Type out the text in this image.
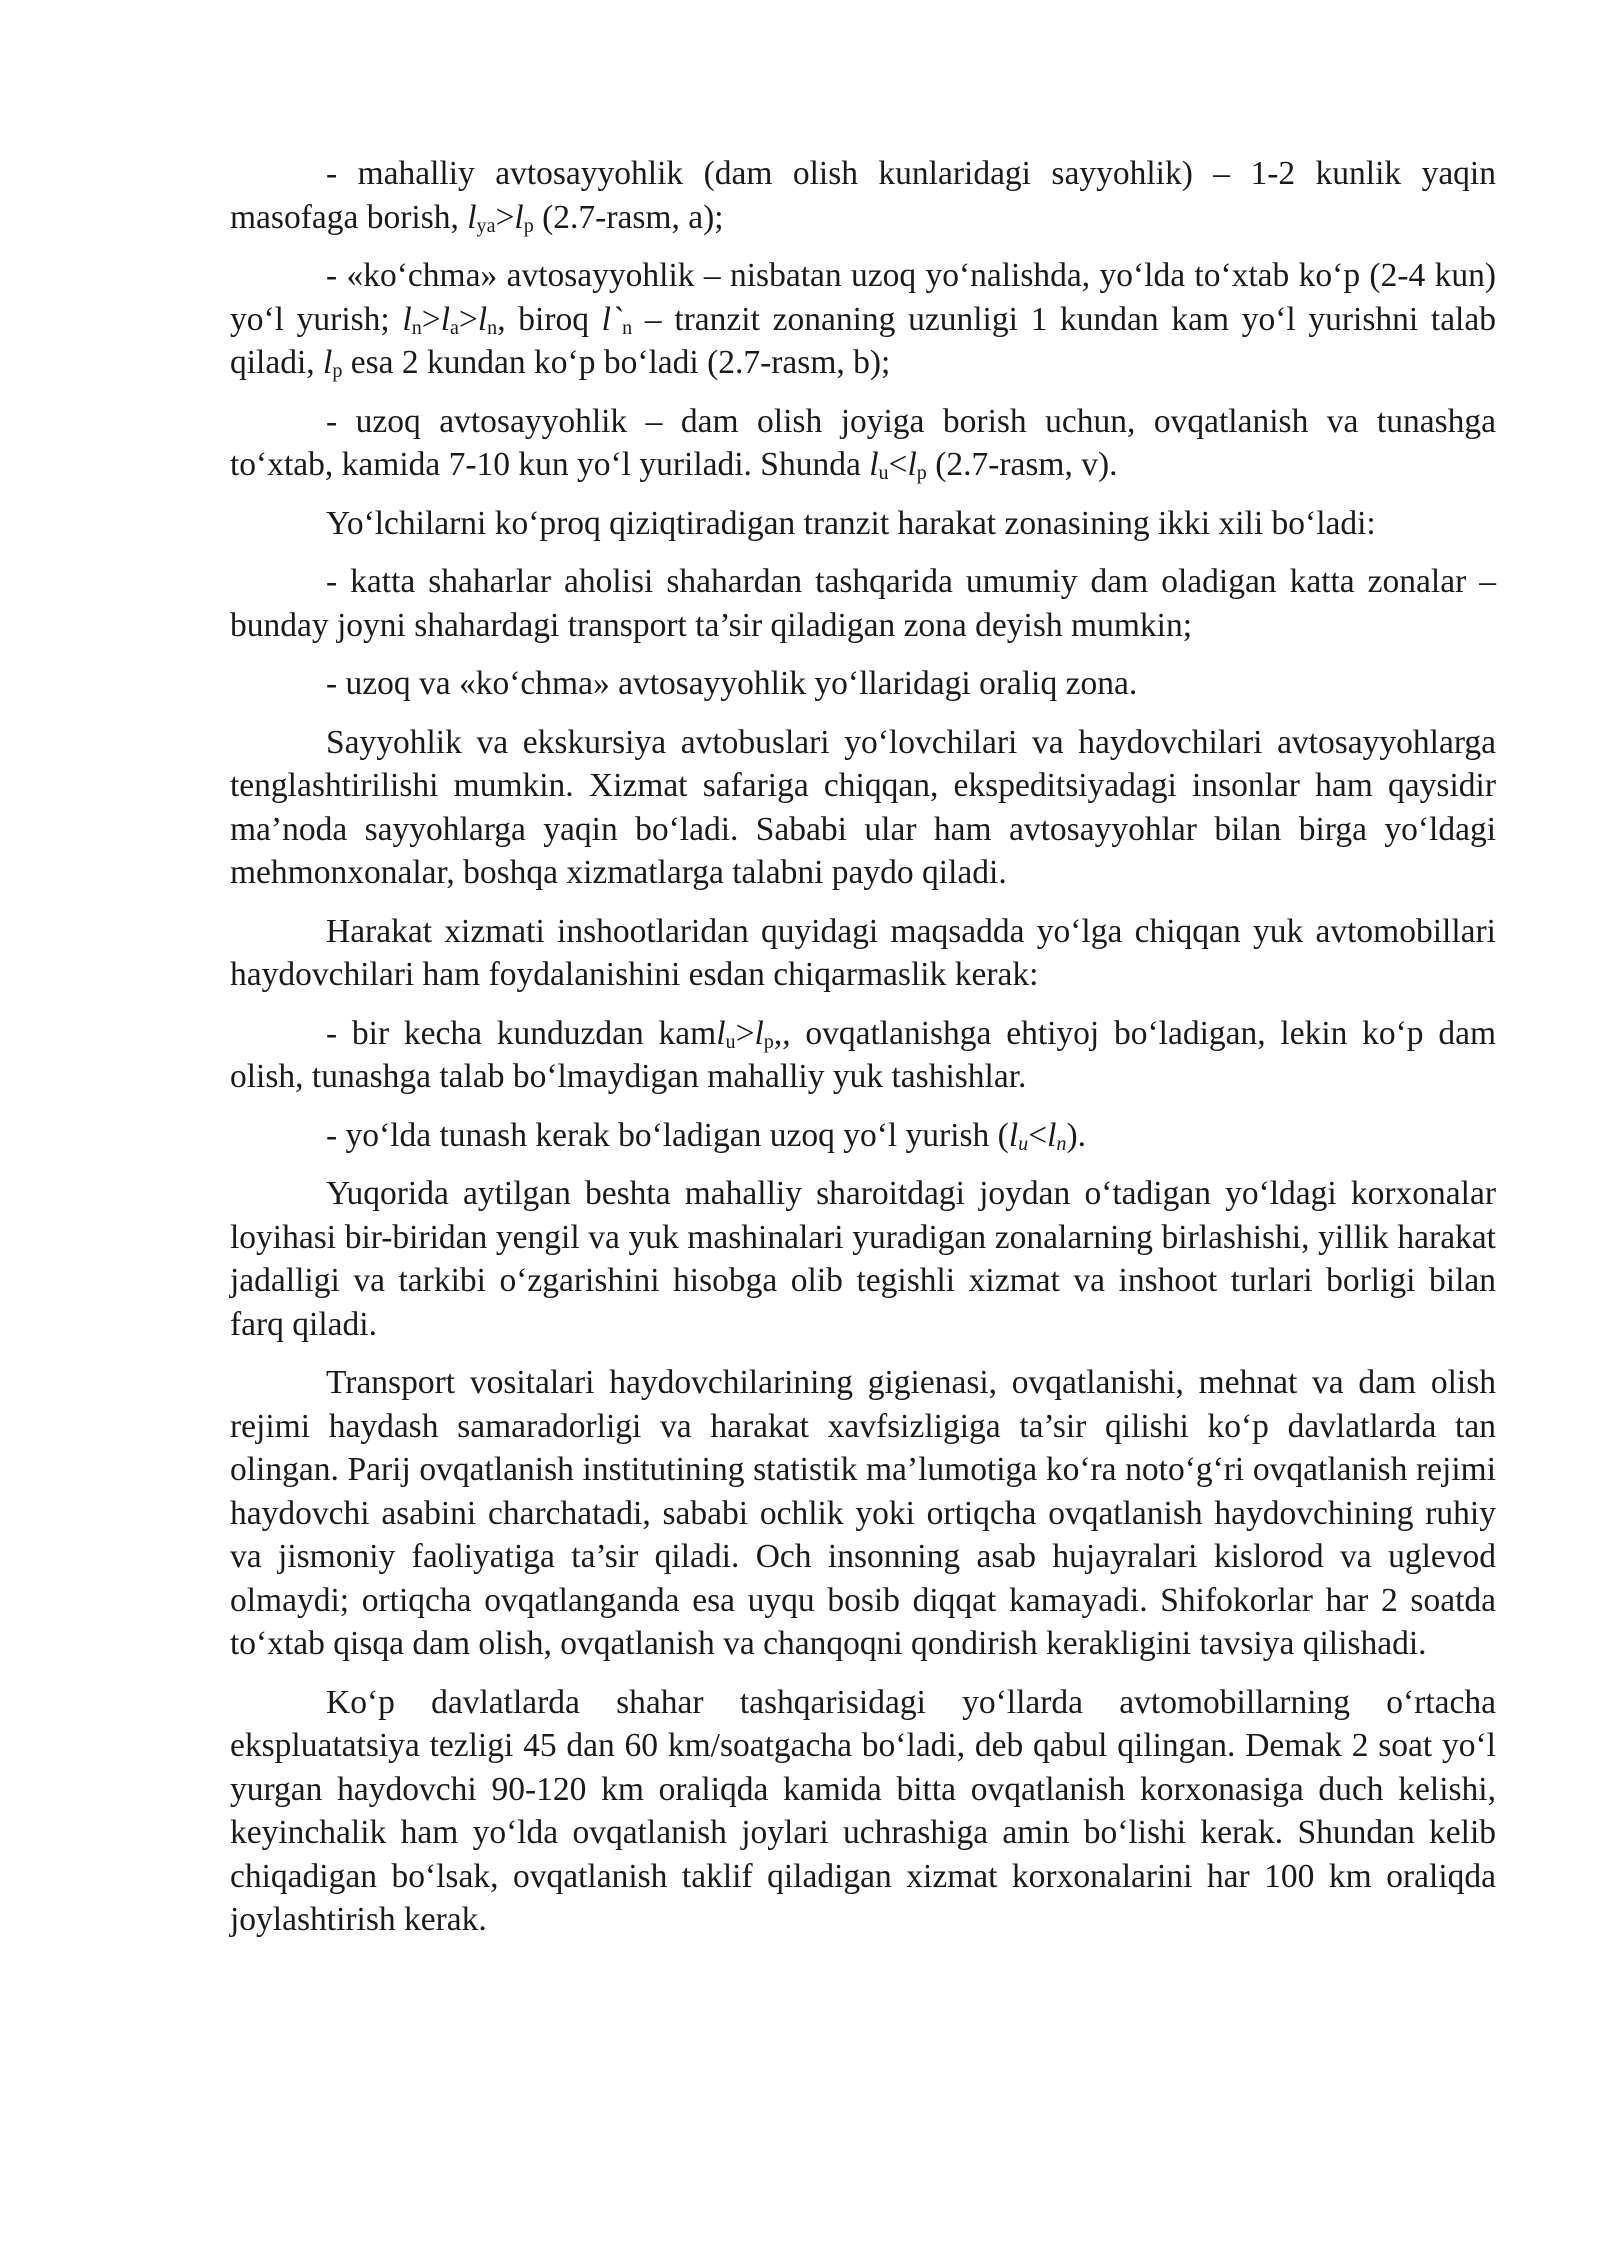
- mahalliy avtosayyohlik (dam olish kunlaridagi sayyohlik) – 1-2 kunlik yaqin masofaga borish, $l_{ya}>l_p$ (2.7-rasm, a);

- «ko‘chma» avtosayyohlik – nisbatan uzoq yo‘nalishda, yo‘lda to‘xtab ko‘p (2-4 kun) yo‘l yurish; $l_n>l_a>l_n$, biroq $l`_n$ – tranzit zonaning uzunligi 1 kundan kam yo‘l yurishni talab qiladi, $l_p$ esa 2 kundan ko‘p bo‘ladi (2.7-rasm, b);

- uzoq avtosayyohlik – dam olish joyiga borish uchun, ovqatlanish va tunashga to‘xtab, kamida 7-10 kun yo‘l yuriladi. Shunda $l_u<l_p$ (2.7-rasm, v).

Yo‘lchilarni ko‘proq qiziqtiradigan tranzit harakat zonasining ikki xili bo‘ladi:

- katta shaharlar aholisi shahardan tashqarida umumiy dam oladigan katta zonalar –bunday joyni shahardagi transport ta’sir qiladigan zona deyish mumkin;

- uzoq va «ko‘chma» avtosayyohlik yo‘llaridagi oraliq zona.

Sayyohlik va ekskursiya avtobuslari yo‘lovchilari va haydovchilari avtosayyohlarga tenglashtirilishi mumkin. Xizmat safariga chiqqan, ekspeditsiyadagi insonlar ham qaysidir ma’noda sayyohlarga yaqin bo‘ladi. Sababi ular ham avtosayyohlar bilan birga yo‘ldagi mehmonxonalar, boshqa xizmatlarga talabni paydo qiladi.

Harakat xizmati inshootlaridan quyidagi maqsadda yo‘lga chiqqan yuk avtomobillari haydovchilari ham foydalanishini esdan chiqarmaslik kerak:

- bir kecha kunduzdan $kaml_u>l_p$,, ovqatlanishga ehtiyoj bo‘ladigan, lekin ko‘p dam olish, tunashga talab bo‘lmaydigan mahalliy yuk tashishlar.

- yo‘lda tunash kerak bo‘ladigan uzoq yo‘l yurish $(l_u<l_n)$.

Yuqorida aytilgan beshta mahalliy sharoitdagi joydan o‘tadigan yo‘ldagi korxonalar loyihasi bir-biridan yengil va yuk mashinalari yuradigan zonalarning birlashishi, yillik harakat jadalligi va tarkibi o‘zgarishini hisobga olib tegishli xizmat va inshoot turlari borligi bilan farq qiladi.

Transport vositalari haydovchilarining gigienasi, ovqatlanishi, mehnat va dam olish rejimi haydash samaradorligi va harakat xavfsizligiga ta’sir qilishi ko‘p davlatlarda tan olingan. Parij ovqatlanish institutining statistik ma’lumotiga ko‘ra noto‘g‘ri ovqatlanish rejimi haydovchi asabini charchatadi, sababi ochlik yoki ortiqcha ovqatlanish haydovchining ruhiy va jismoniy faoliyatiga ta’sir qiladi. Och insonning asab hujayralari kislorod va uglevod olmaydi; ortiqcha ovqatlanganda esa uyqu bosib diqqat kamayadi. Shifokorlar har 2 soatda to‘xtab qisqa dam olish, ovqatlanish va chanqoqni qondirish kerakligini tavsiya qilishadi.

Ko‘p davlatlarda shahar tashqarisidagi yo‘llarda avtomobillarning o‘rtacha ekspluatatsiya tezligi 45 dan 60 km/soatgacha bo‘ladi, deb qabul qilingan. Demak 2 soat yo‘l yurgan haydovchi 90-120 km oraliqda kamida bitta ovqatlanish korxonasiga duch kelishi, keyinchalik ham yo‘lda ovqatlanish joylari uchrashiga amin bo‘lishi kerak. Shundan kelib chiqadigan bo‘lsak, ovqatlanish taklif qiladigan xizmat korxonalarini har 100 km oraliqda joylashtirish kerak.
